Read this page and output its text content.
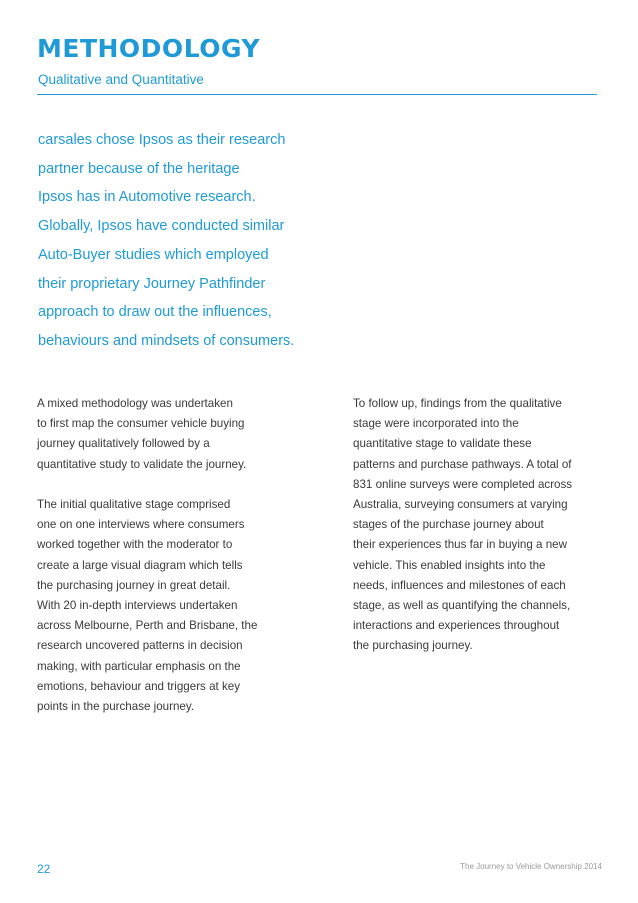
METHODOLOGY

Qualitative and Quantitative

carsales chose Ipsos as their research
partner because of the heritage
Ipsos has in Automotive research.
Globally, Ipsos have conducted similar
Auto-Buyer studies which employed
their proprietary Journey Pathfinder
approach to draw out the influences,
behaviours and mindsets of consumers.
A mixed methodology was undertaken
to first map the consumer vehicle buying
journey qualitatively followed by a
quantitative study to validate the journey.
The initial qualitative stage comprised
one on one interviews where consumers
worked together with the moderator to
create a large visual diagram which tells
the purchasing journey in great detail.
With 20 in-depth interviews undertaken
across Melbourne, Perth and Brisbane, the
research uncovered patterns in decision
making, with particular emphasis on the
emotions, behaviour and triggers at key
points in the purchase journey.
To follow up, findings from the qualitative
stage were incorporated into the
quantitative stage to validate these
patterns and purchase pathways. A total of
831 online surveys were completed across
Australia, surveying consumers at varying
stages of the purchase journey about
their experiences thus far in buying a new
vehicle. This enabled insights into the
needs, influences and milestones of each
stage, as well as quantifying the channels,
interactions and experiences throughout
the purchasing journey.
22	The Journey to Vehicle Ownership 2014
